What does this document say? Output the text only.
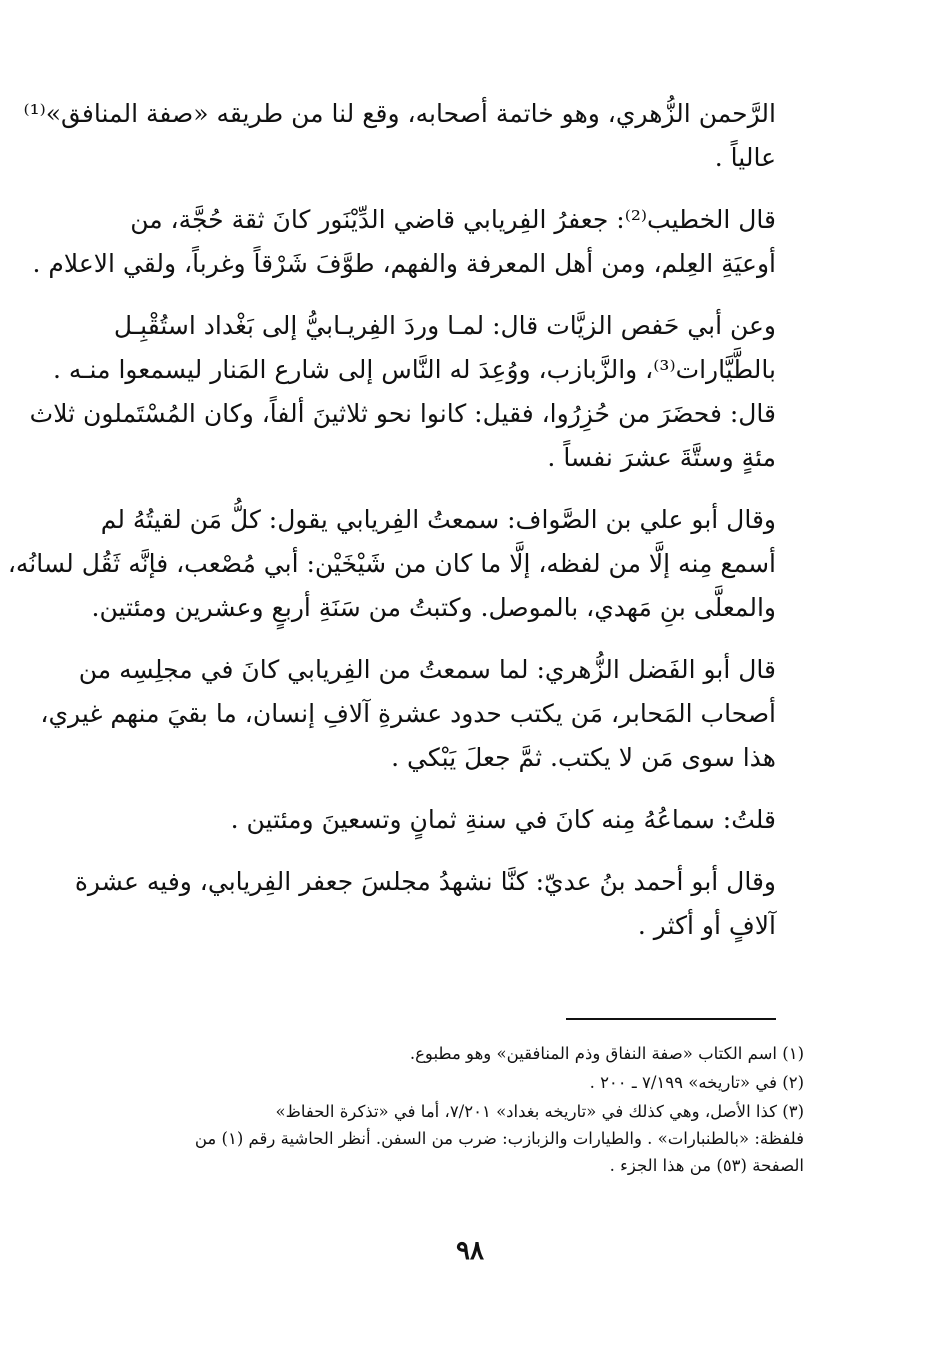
الرَّحمن الزُّهري، وهو خاتمة أصحابه، وقع لنا من طريقه «صفة المنافق»⁽¹⁾
عالياً .

قال الخطيب⁽²⁾: جعفرُ الفِريابي قاضي الدِّيْنَور كانَ ثقة حُجَّة، من
أوعيَةِ العِلم، ومن أهل المعرفة والفهم، طوَّفَ شَرْقاً وغرباً، ولقي الاعلام .

وعن أبي حَفص الزيَّات قال: لمـا وردَ الفِريـابيُّ إلى بَغْداد استُقْبِـل
بالطَّيَّارات⁽³⁾، والزَّبازب، ووُعِدَ له النَّاس إلى شارع المَنار ليسمعوا منـه .
قال: فحضَرَ من حُزِرُوا، فقيل: كانوا نحو ثلاثينَ ألفاً، وكان المُسْتَملون ثلاث
مئةٍ وستَّةَ عشرَ نفساً .

وقال أبو علي بن الصَّواف: سمعتُ الفِريابي يقول: كلُّ مَن لقيتُهُ لم
أسمع مِنه إلَّا من لفظه، إلَّا ما كان من شَيْخَيْن: أبي مُصْعب، فإنَّه ثَقُل لسانُه،
والمعلَّى بنِ مَهدي، بالموصل. وكتبتُ من سَنَةِ أربعٍ وعشرين ومئتين.

قال أبو الفَضل الزُّهري: لما سمعتُ من الفِريابي كانَ في مجلِسِه من
أصحاب المَحابر، مَن يكتب حدود عشرةِ آلافِ إنسان، ما بقيَ منهم غيري،
هذا سوى مَن لا يكتب. ثمَّ جعلَ يَبْكي .

قلتُ: سماعُهُ مِنه كانَ في سنةِ ثمانٍ وتسعينَ ومئتين .

وقال أبو أحمد بنُ عديّ: كنَّا نشهدُ مجلسَ جعفر الفِريابي، وفيه عشرة
آلافٍ أو أكثر .

(١) اسم الكتاب «صفة النفاق وذم المنافقين» وهو مطبوع.

(٢) في «تاريخه» ٧/١٩٩ ـ ٢٠٠ .

(٣) كذا الأصل، وهي كذلك في «تاريخه بغداد» ٧/٢٠١، أما في «تذكرة الحفاظ»
فلفظة: «بالطنبارات» . والطيارات والزبازب: ضرب من السفن. أنظر الحاشية رقم (١) من
الصفحة (٥٣) من هذا الجزء .

٩٨
